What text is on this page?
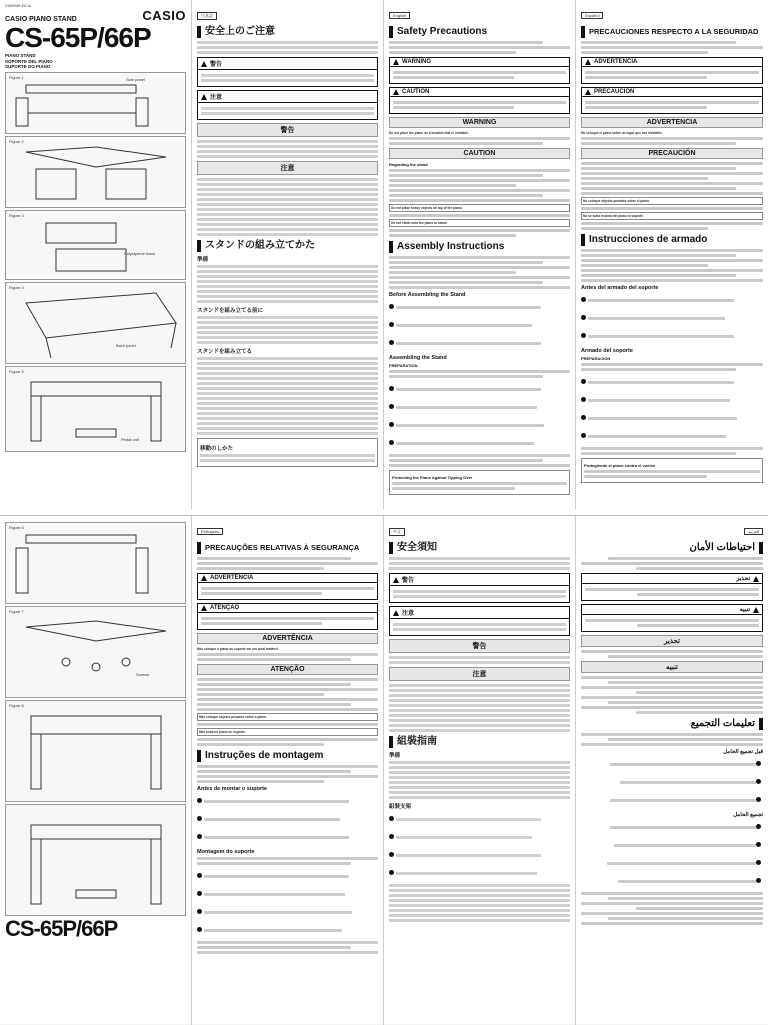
CS65P66P-ES-1A
CASIO PIANO STAND	CASIO
CS-65P/66P
PIANO STAND
SOPORTE DEL PIANO
SUPORTE DO PIANO
Figure 1	Side panel
Figure 2
Figure 3
Polystyrene foam
Figure 4
Back panel
Figure 5
Pedal unit
日本語
安全上のご注意
警告
注意
警告
注意
スタンドの組み立てかた
準備
スタンドを組み立てる前に
スタンドを組み立てる
移動のしかた
English
Safety Precautions
WARNING
CAUTION
WARNING
Do not place the piano on a location that is unstable.
CAUTION
Regarding the stand
Do not place heavy objects on top of the piano.
Do not climb onto the piano or stand.
Assembly Instructions
Before Assembling the Stand
Assembling the Stand
PREPARATION
Protecting the Piano Against Tipping Over
Español
PRECAUCIONES RESPECTO A LA SEGURIDAD
ADVERTENCIA
PRECAUCIÓN
ADVERTENCIA
No coloque el piano sobre un lugar que sea inestable.
PRECAUCIÓN
No coloque objetos pesados sobre el piano.
No se suba encima del piano ni soporte.
Instrucciones de armado
Antes del armado del soporte
Armado del soporte
PREPARACIÓN
Protegiendo el piano contra el vuelco
Figure 6
Figure 7
Screws
Figure 8
CS-65P/66P
Português
PRECAUÇÕES RELATIVAS À SEGURANÇA
ADVERTÊNCIA
ATENÇÃO
ADVERTÊNCIA
Não coloque o piano ou suporte em um local instável.
ATENÇÃO
Não coloque objetos pesados sobre o piano.
Não suba no piano ou suporte.
Instruções de montagem
Antes de montar o suporte
Montagem do suporte
中文
安全須知
警告
注意
警告
注意
組裝指南
準備
組裝支架
العربية
احتياطات الأمان
تحذير
تنبيه
تحذير
تنبيه
تعليمات التجميع
قبل تجميع الحامل
تجميع الحامل
